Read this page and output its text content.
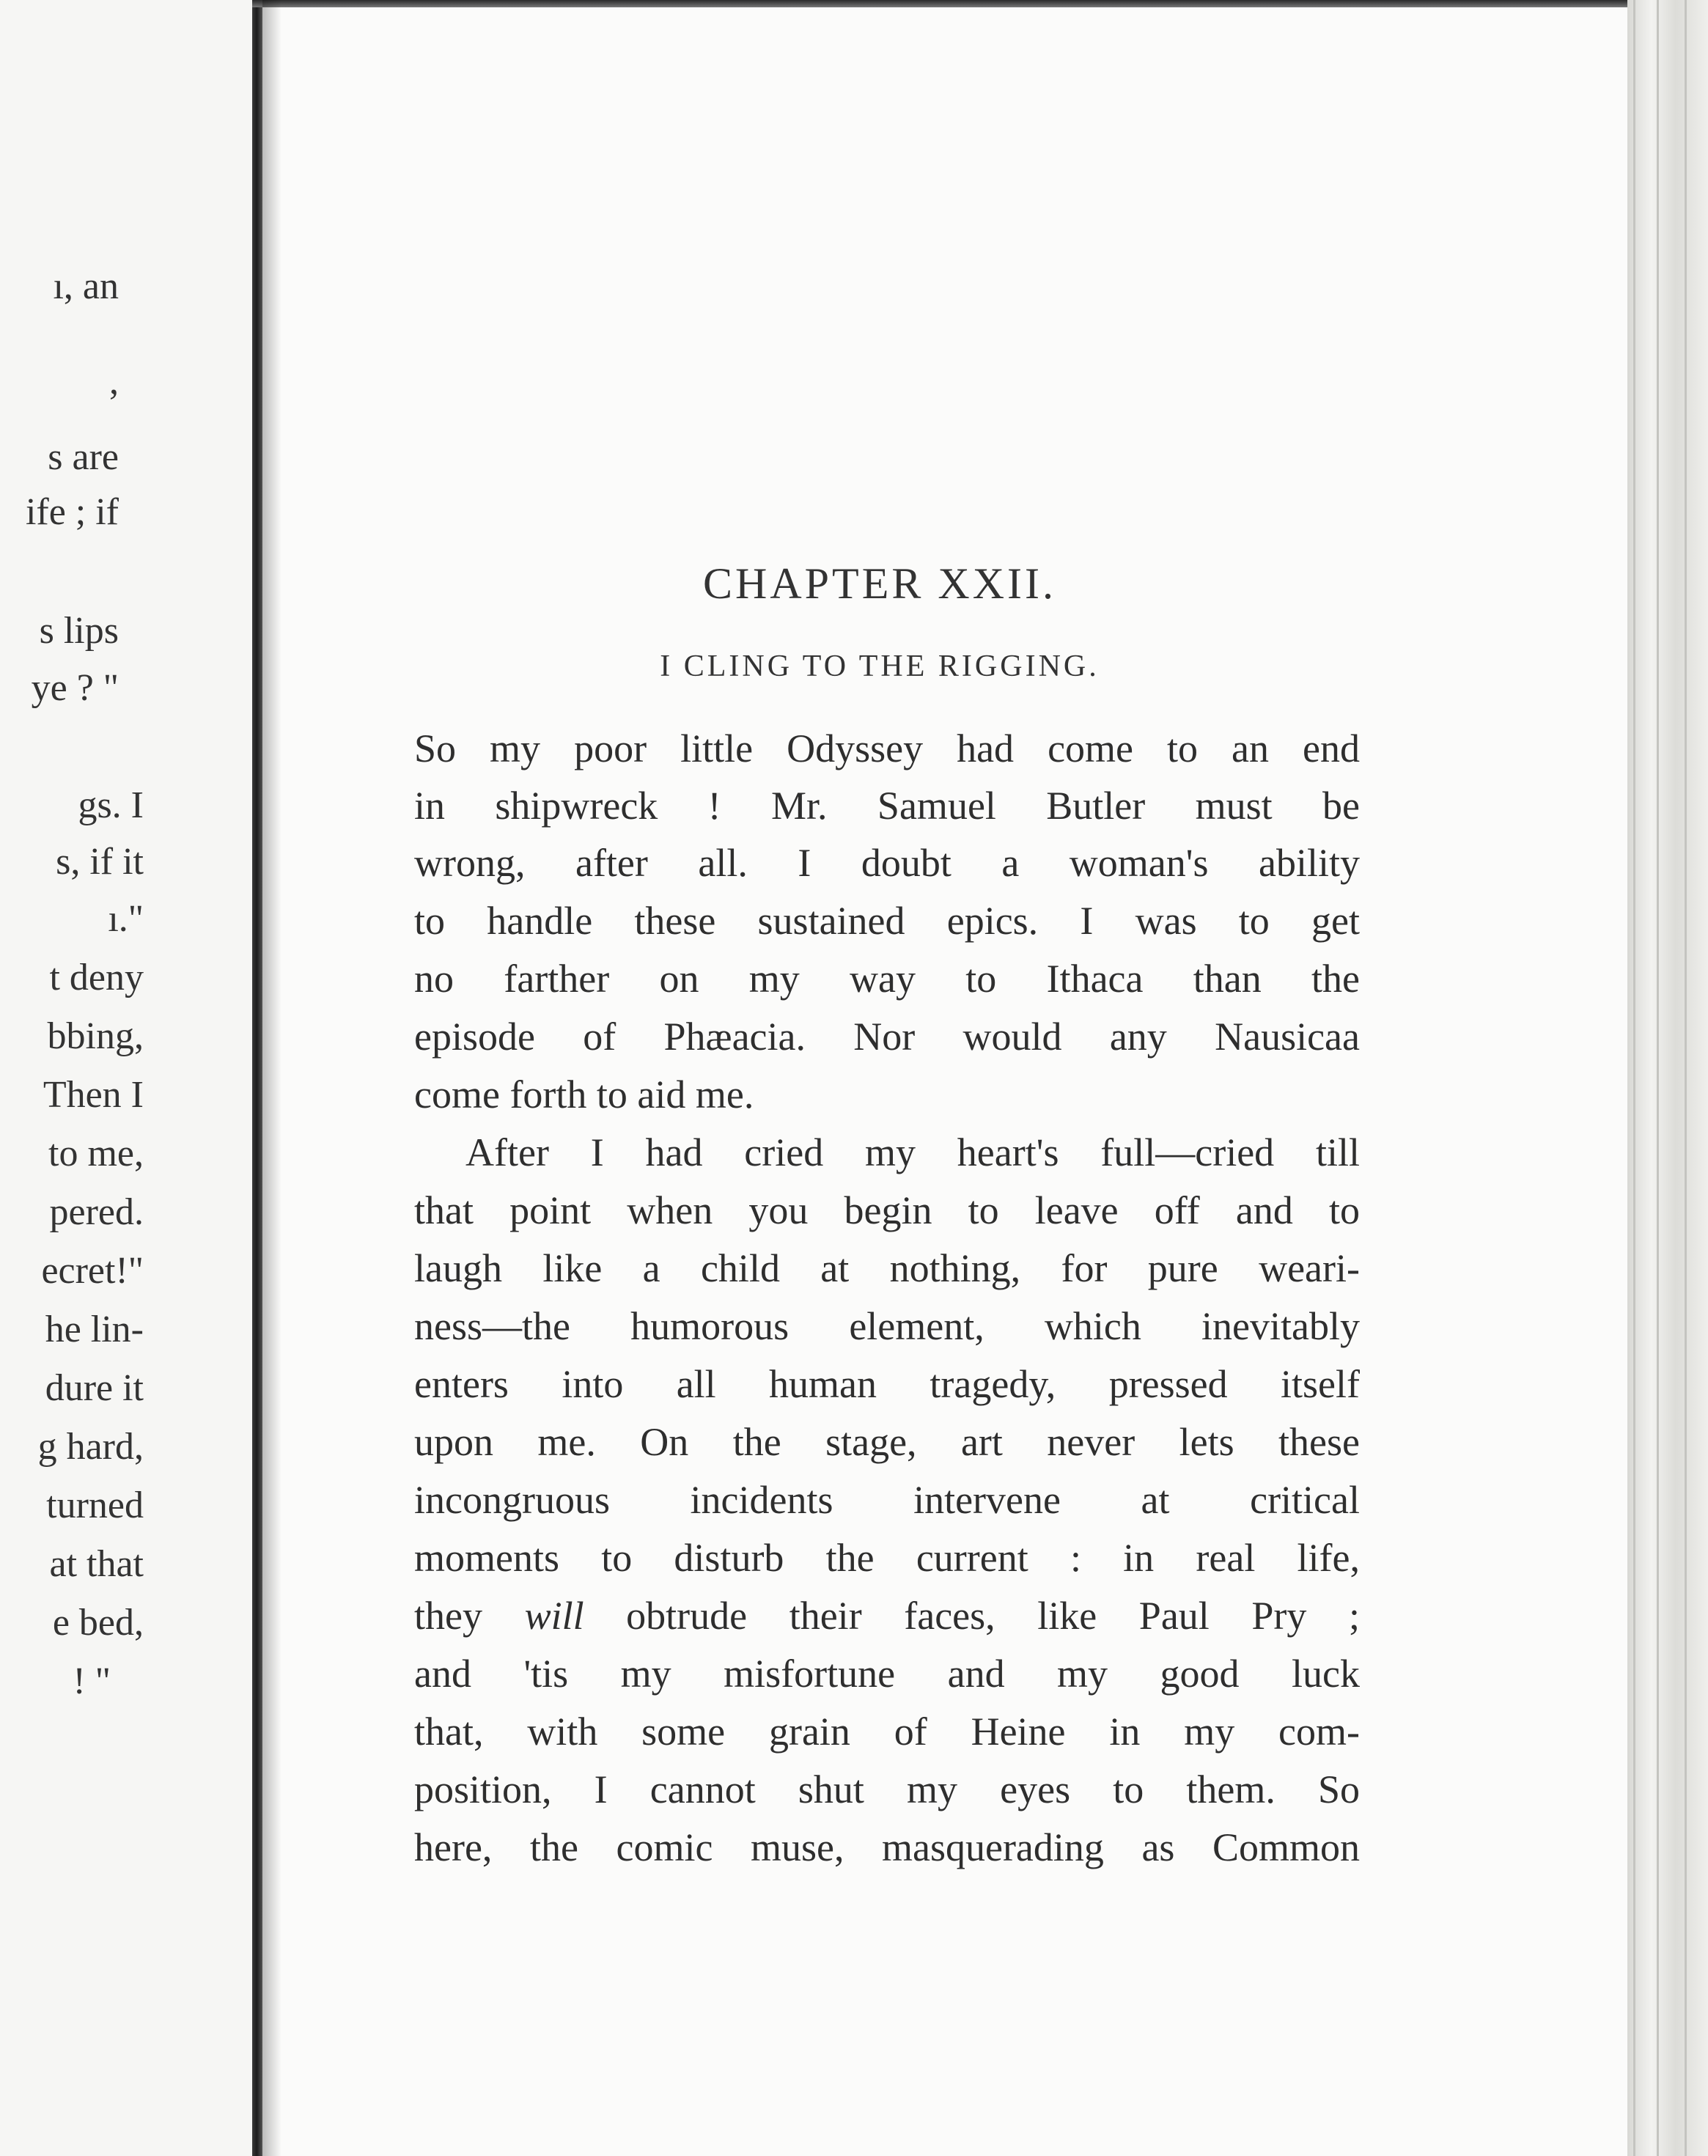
ı, an
,
s are
ife ; if
s lips
ye ? "
gs. I
s, if it
ı."
t deny
bbing,
Then I
to me,
pered.
ecret!"
he lin-
dure it
g hard,
turned
at that
e bed,
! "
CHAPTER XXII.
I CLING TO THE RIGGING.
So my poor little Odyssey had come to an end
in shipwreck ! Mr. Samuel Butler must be
wrong, after all. I doubt a woman's ability
to handle these sustained epics. I was to get
no farther on my way to Ithaca than the
episode of Phæacia. Nor would any Nausicaa
come forth to aid me.
After I had cried my heart's full—cried till
that point when you begin to leave off and to
laugh like a child at nothing, for pure weari-
ness—the humorous element, which inevitably
enters into all human tragedy, pressed itself
upon me. On the stage, art never lets these
incongruous incidents intervene at critical
moments to disturb the current : in real life,
they will obtrude their faces, like Paul Pry ;
and 'tis my misfortune and my good luck
that, with some grain of Heine in my com-
position, I cannot shut my eyes to them. So
here, the comic muse, masquerading as Common
